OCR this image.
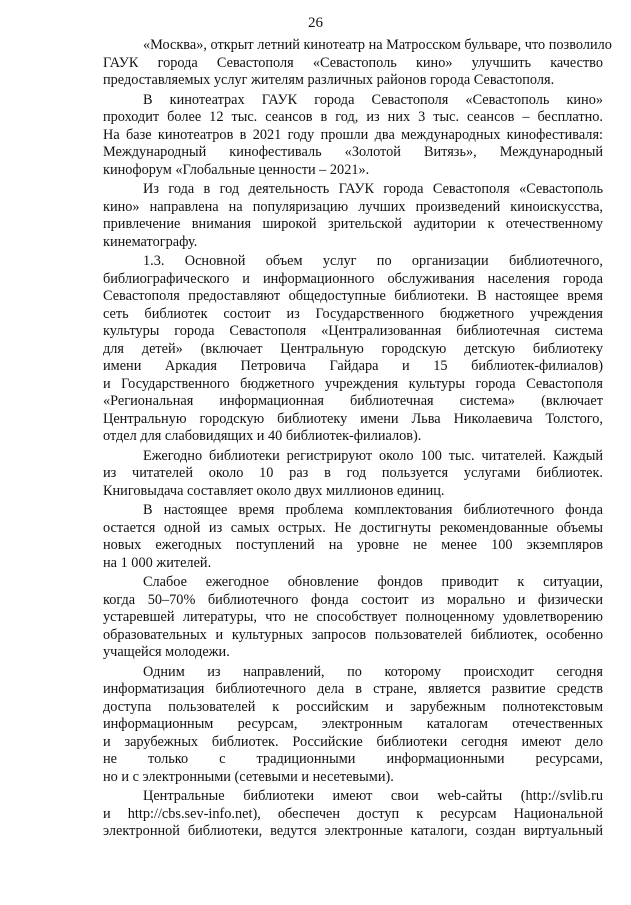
26
«Москва», открыт летний кинотеатр на Матросском бульваре, что позволило
ГАУК города Севастополя «Севастополь кино» улучшить качество
предоставляемых услуг жителям различных районов города Севастополя.
В кинотеатрах ГАУК города Севастополя «Севастополь кино»
проходит более 12 тыс. сеансов в год, из них 3 тыс. сеансов – бесплатно.
На базе кинотеатров в 2021 году прошли два международных кинофестиваля:
Международный кинофестиваль «Золотой Витязь», Международный
кинофорум «Глобальные ценности – 2021».
Из года в год деятельность ГАУК города Севастополя «Севастополь
кино» направлена на популяризацию лучших произведений киноискусства,
привлечение внимания широкой зрительской аудитории к отечественному
кинематографу.
1.3. Основной объем услуг по организации библиотечного,
библиографического и информационного обслуживания населения города
Севастополя предоставляют общедоступные библиотеки. В настоящее время
сеть библиотек состоит из Государственного бюджетного учреждения
культуры города Севастополя «Централизованная библиотечная система
для детей» (включает Центральную городскую детскую библиотеку
имени Аркадия Петровича Гайдара и 15 библиотек-филиалов)
и Государственного бюджетного учреждения культуры города Севастополя
«Региональная информационная библиотечная система» (включает
Центральную городскую библиотеку имени Льва Николаевича Толстого,
отдел для слабовидящих и 40 библиотек-филиалов).
Ежегодно библиотеки регистрируют около 100 тыс. читателей. Каждый
из читателей около 10 раз в год пользуется услугами библиотек.
Книговыдача составляет около двух миллионов единиц.
В настоящее время проблема комплектования библиотечного фонда
остается одной из самых острых. Не достигнуты рекомендованные объемы
новых ежегодных поступлений на уровне не менее 100 экземпляров
на 1 000 жителей.
Слабое ежегодное обновление фондов приводит к ситуации,
когда 50–70% библиотечного фонда состоит из морально и физически
устаревшей литературы, что не способствует полноценному удовлетворению
образовательных и культурных запросов пользователей библиотек, особенно
учащейся молодежи.
Одним из направлений, по которому происходит сегодня
информатизация библиотечного дела в стране, является развитие средств
доступа пользователей к российским и зарубежным полнотекстовым
информационным ресурсам, электронным каталогам отечественных
и зарубежных библиотек. Российские библиотеки сегодня имеют дело
не только с традиционными информационными ресурсами,
но и с электронными (сетевыми и несетевыми).
Центральные библиотеки имеют свои web-сайты (http://svlib.ru
и http://cbs.sev-info.net), обеспечен доступ к ресурсам Национальной
электронной библиотеки, ведутся электронные каталоги, создан виртуальный
